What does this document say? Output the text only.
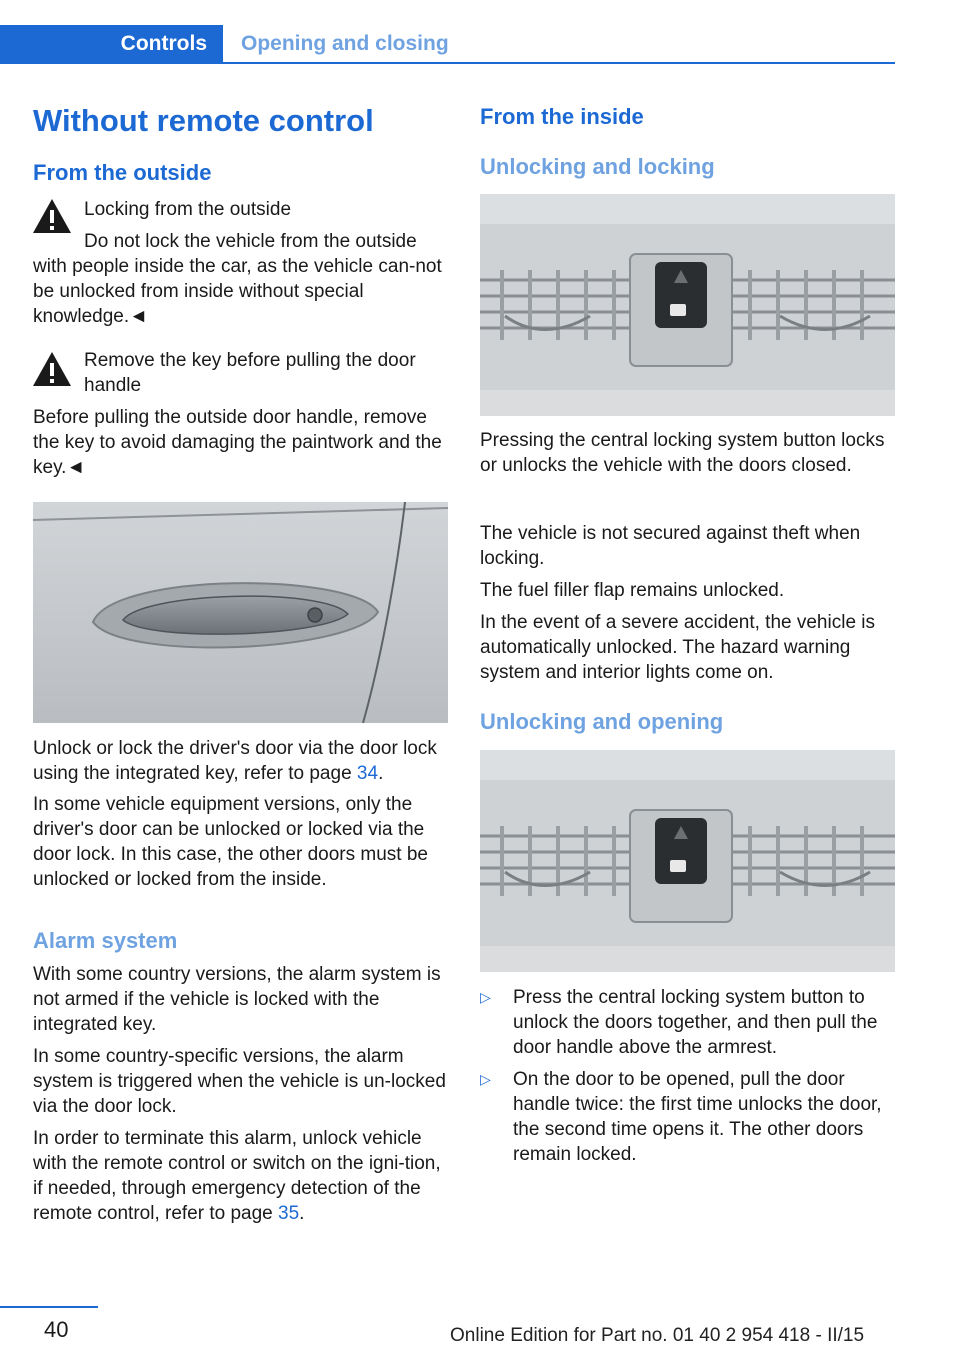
Controls	Opening and closing
Without remote control
From the outside

Locking from the outside

Do not lock the vehicle from the outside with people inside the car, as the vehicle can-not be unlocked from inside without special knowledge.◄

Remove the key before pulling the door handle

Before pulling the outside door handle, remove the key to avoid damaging the paintwork and the key.◄

Unlock or lock the driver's door via the door lock using the integrated key, refer to page 34.

In some vehicle equipment versions, only the driver's door can be unlocked or locked via the door lock. In this case, the other doors must be unlocked or locked from the inside.

Alarm system

With some country versions, the alarm system is not armed if the vehicle is locked with the integrated key.

In some country-specific versions, the alarm system is triggered when the vehicle is un-locked via the door lock.

In order to terminate this alarm, unlock vehicle with the remote control or switch on the igni-tion, if needed, through emergency detection of the remote control, refer to page 35.

From the inside
Unlocking and locking

Pressing the central locking system button locks or unlocks the vehicle with the doors closed.

The vehicle is not secured against theft when locking.

The fuel filler flap remains unlocked.

In the event of a severe accident, the vehicle is automatically unlocked. The hazard warning system and interior lights come on.

Unlocking and opening
▷ Press the central locking system button to unlock the doors together, and then pull the door handle above the armrest.
▷ On the door to be opened, pull the door handle twice: the first time unlocks the door, the second time opens it. The other doors remain locked.
40	Online Edition for Part no. 01 40 2 954 418 - II/15
